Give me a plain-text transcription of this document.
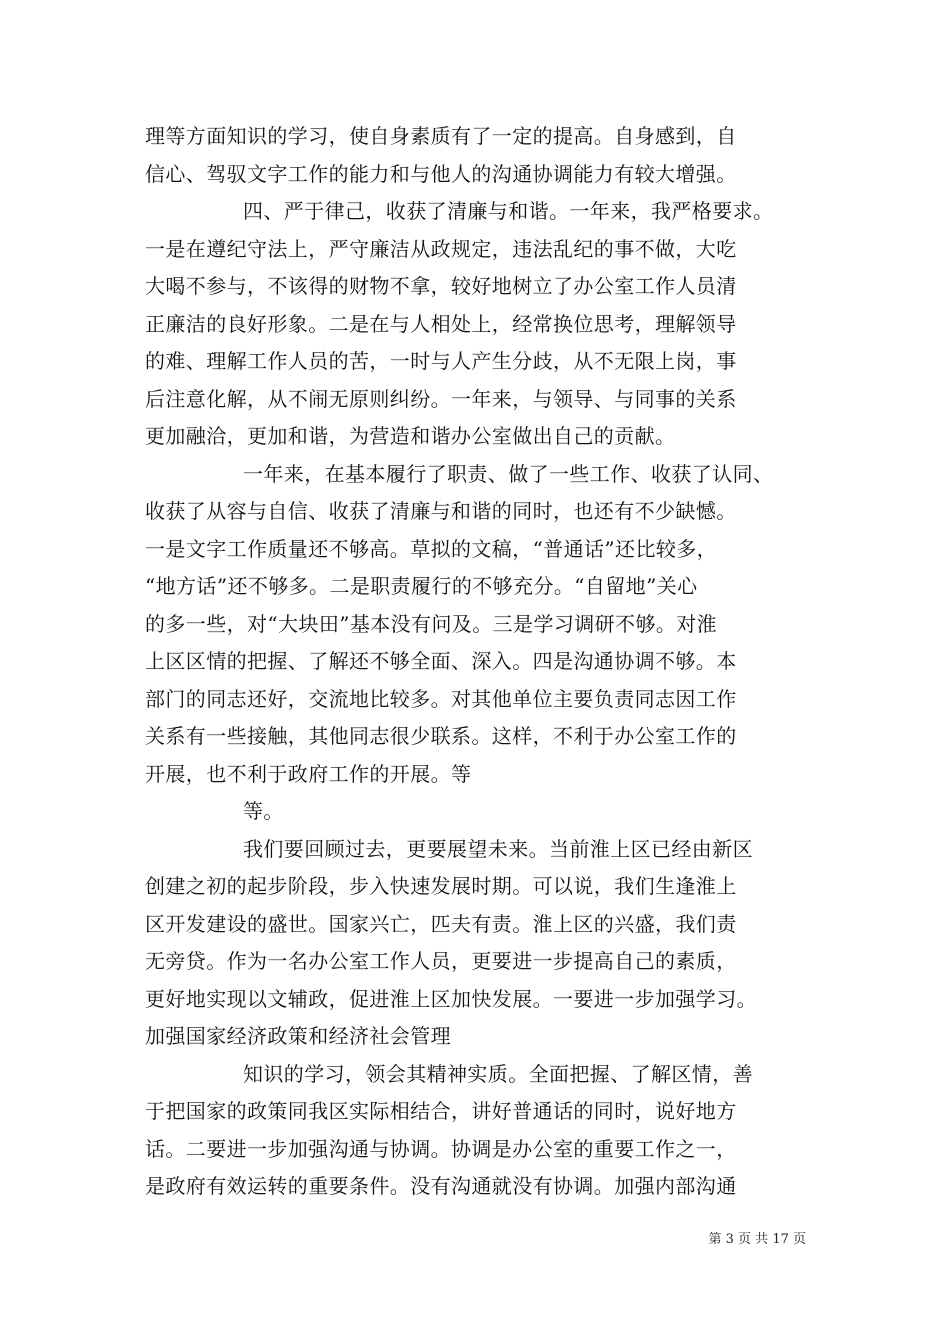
理等方面知识的学习，使自身素质有了一定的提高。自身感到，自
信心、驾驭文字工作的能力和与他人的沟通协调能力有较大增强。
四、严于律己，收获了清廉与和谐。一年来，我严格要求。
一是在遵纪守法上，严守廉洁从政规定，违法乱纪的事不做，大吃
大喝不参与，不该得的财物不拿，较好地树立了办公室工作人员清
正廉洁的良好形象。二是在与人相处上，经常换位思考，理解领导
的难、理解工作人员的苦，一时与人产生分歧，从不无限上岗，事
后注意化解，从不闹无原则纠纷。一年来，与领导、与同事的关系
更加融洽，更加和谐，为营造和谐办公室做出自己的贡献。
一年来，在基本履行了职责、做了一些工作、收获了认同、
收获了从容与自信、收获了清廉与和谐的同时，也还有不少缺憾。
一是文字工作质量还不够高。草拟的文稿，“普通话”还比较多，
“地方话”还不够多。二是职责履行的不够充分。“自留地”关心
的多一些，对“大块田”基本没有问及。三是学习调研不够。对淮
上区区情的把握、了解还不够全面、深入。四是沟通协调不够。本
部门的同志还好，交流地比较多。对其他单位主要负责同志因工作
关系有一些接触，其他同志很少联系。这样，不利于办公室工作的
开展，也不利于政府工作的开展。等
等。
我们要回顾过去，更要展望未来。当前淮上区已经由新区
创建之初的起步阶段，步入快速发展时期。可以说，我们生逢淮上
区开发建设的盛世。国家兴亡，匹夫有责。淮上区的兴盛，我们责
无旁贷。作为一名办公室工作人员，更要进一步提高自己的素质，
更好地实现以文辅政，促进淮上区加快发展。一要进一步加强学习。
加强国家经济政策和经济社会管理
知识的学习，领会其精神实质。全面把握、了解区情，善
于把国家的政策同我区实际相结合，讲好普通话的同时，说好地方
话。二要进一步加强沟通与协调。协调是办公室的重要工作之一，
是政府有效运转的重要条件。没有沟通就没有协调。加强内部沟通
第 3 页 共 17 页
